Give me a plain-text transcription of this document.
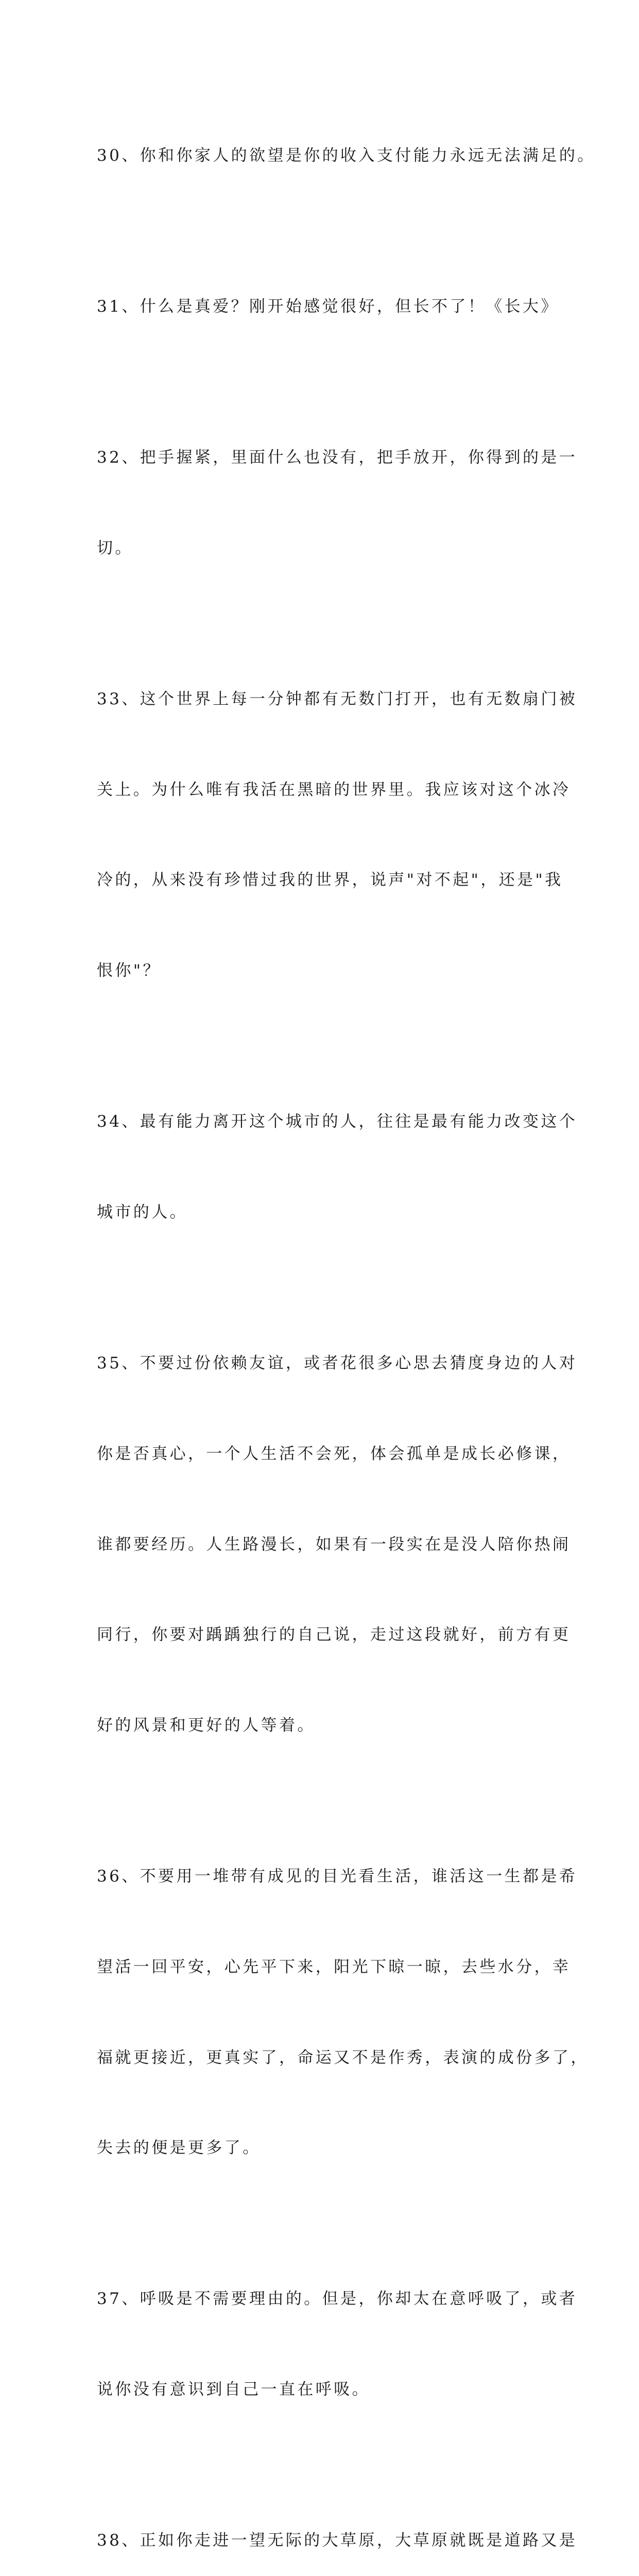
30、你和你家人的欲望是你的收入支付能力永远无法满足的。

31、什么是真爱？刚开始感觉很好，但长不了！《长大》

32、把手握紧，里面什么也没有，把手放开，你得到的是一

切。

33、这个世界上每一分钟都有无数门打开，也有无数扇门被

关上。为什么唯有我活在黑暗的世界里。我应该对这个冰冷

冷的，从来没有珍惜过我的世界，说声"对不起"，还是"我

恨你"？

34、最有能力离开这个城市的人，往往是最有能力改变这个

城市的人。

35、不要过份依赖友谊，或者花很多心思去猜度身边的人对

你是否真心，一个人生活不会死，体会孤单是成长必修课，

谁都要经历。人生路漫长，如果有一段实在是没人陪你热闹

同行，你要对踽踽独行的自己说，走过这段就好，前方有更

好的风景和更好的人等着。

36、不要用一堆带有成见的目光看生活，谁活这一生都是希

望活一回平安，心先平下来，阳光下晾一晾，去些水分，幸

福就更接近，更真实了，命运又不是作秀，表演的成份多了，

失去的便是更多了。

37、呼吸是不需要理由的。但是，你却太在意呼吸了，或者

说你没有意识到自己一直在呼吸。

38、正如你走进一望无际的大草原，大草原就既是道路又是
